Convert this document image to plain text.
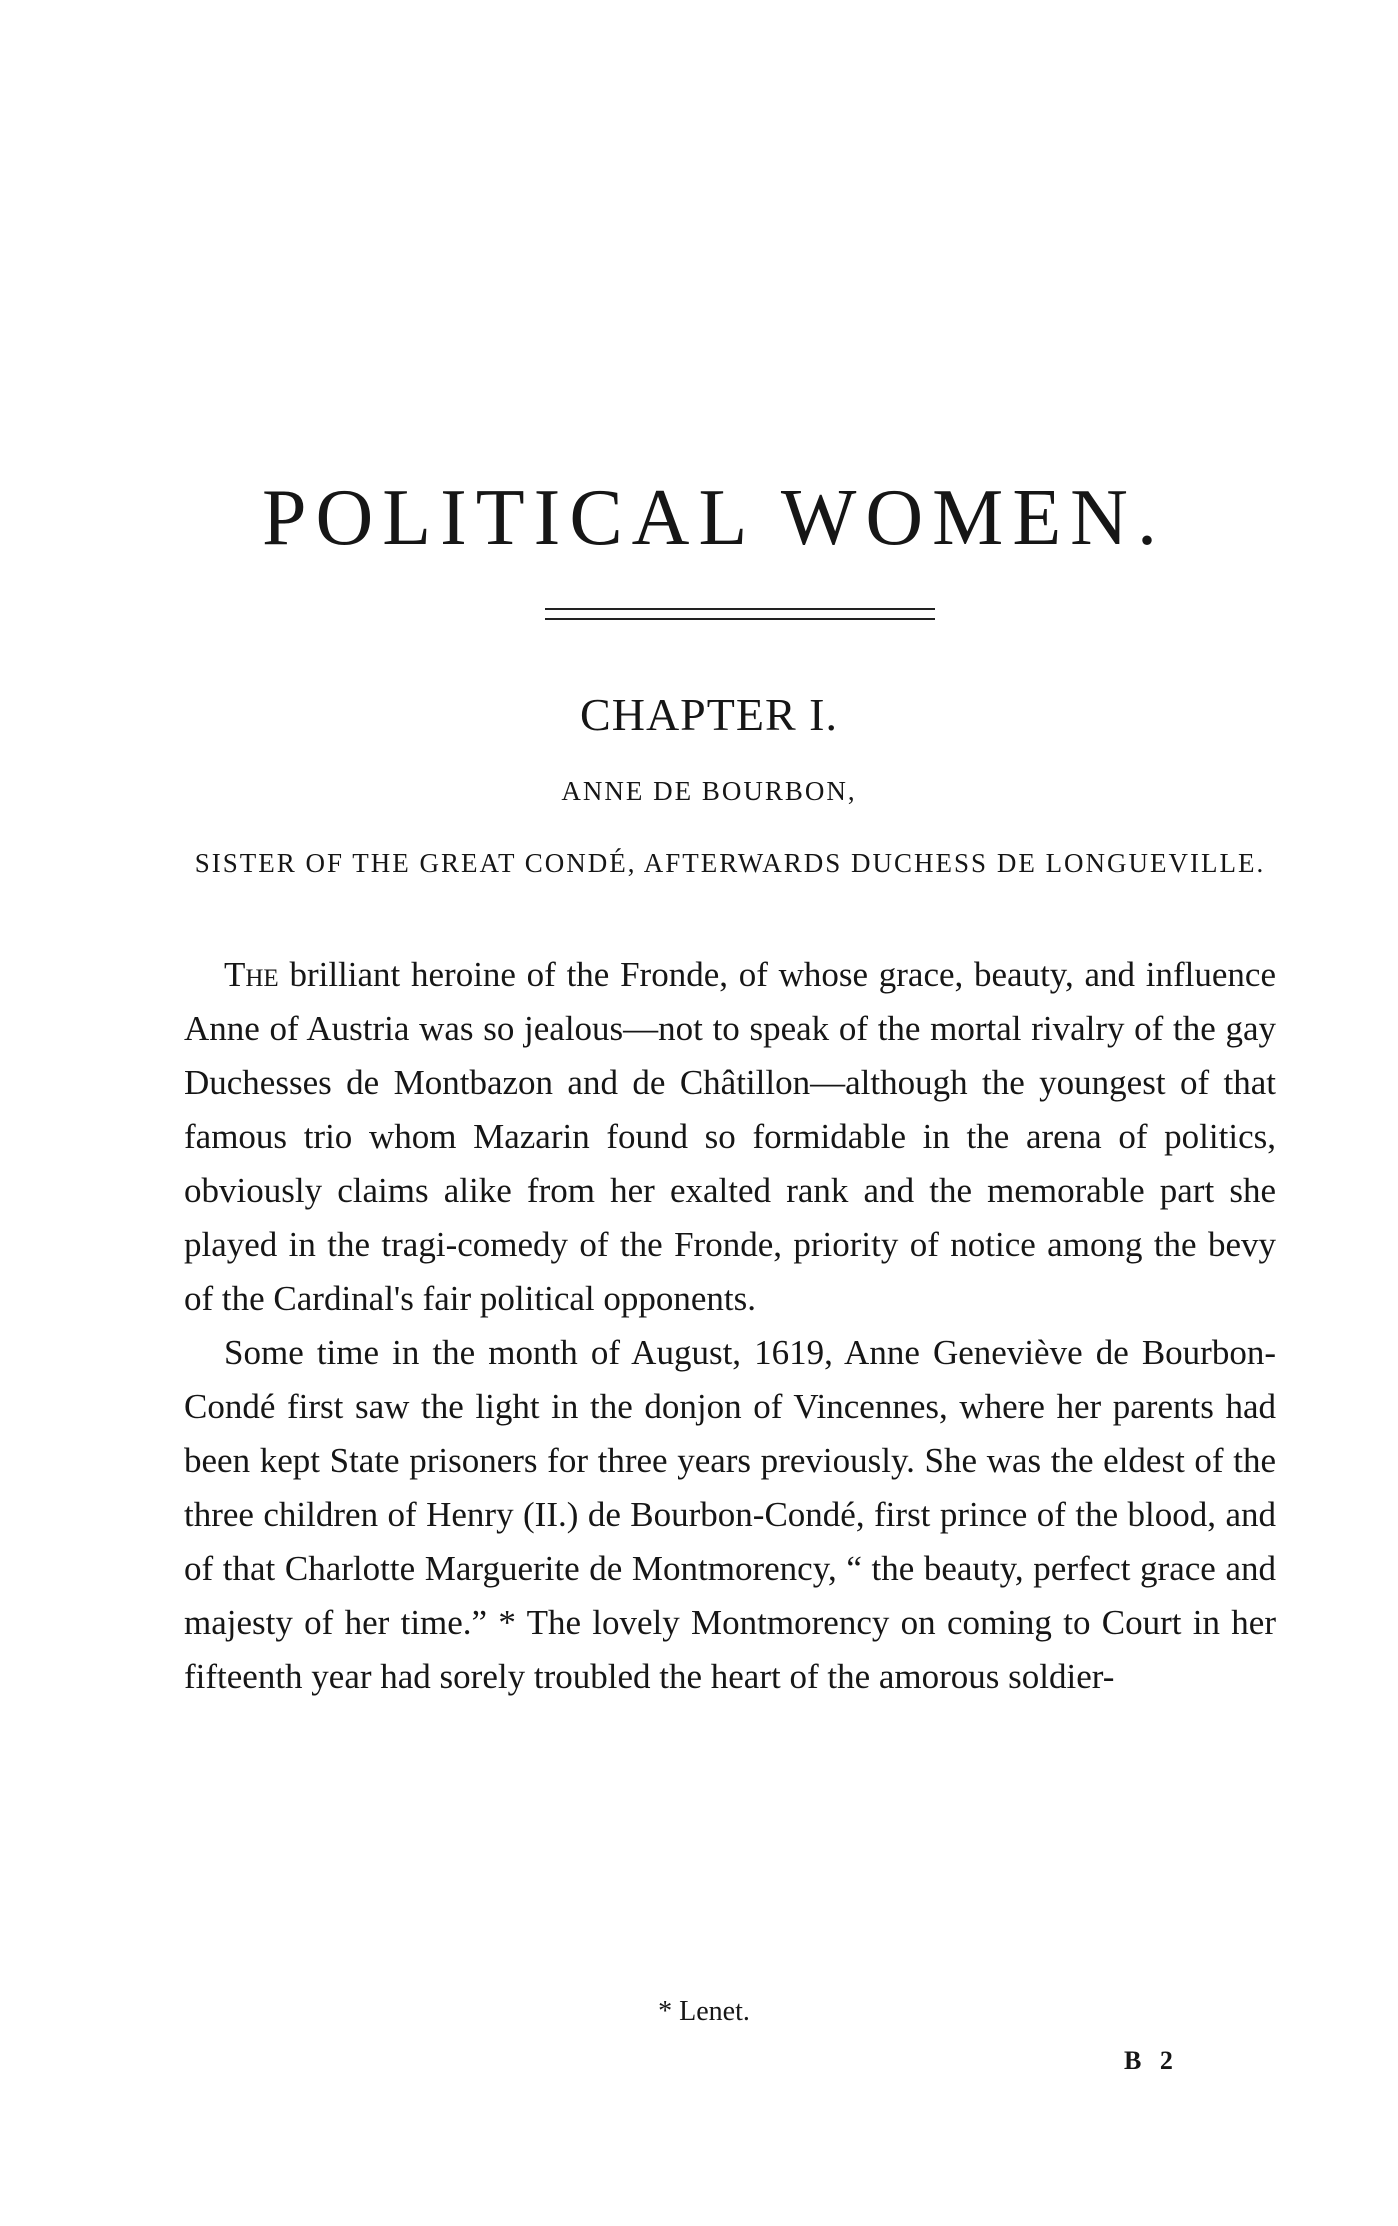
POLITICAL WOMEN.
CHAPTER I.
ANNE DE BOURBON,
SISTER OF THE GREAT CONDÉ, AFTERWARDS DUCHESS DE LONGUEVILLE.

The brilliant heroine of the Fronde, of whose grace, beauty, and influence Anne of Austria was so jealous—not to speak of the mortal rivalry of the gay Duchesses de Montbazon and de Châtillon—although the youngest of that famous trio whom Mazarin found so formidable in the arena of politics, obviously claims alike from her exalted rank and the memorable part she played in the tragi-comedy of the Fronde, priority of notice among the bevy of the Cardinal's fair political opponents.

Some time in the month of August, 1619, Anne Geneviève de Bourbon-Condé first saw the light in the donjon of Vincennes, where her parents had been kept State prisoners for three years previously. She was the eldest of the three children of Henry (II.) de Bourbon-Condé, first prince of the blood, and of that Charlotte Marguerite de Montmorency, “ the beauty, perfect grace and majesty of her time.” * The lovely Montmorency on coming to Court in her fifteenth year had sorely troubled the heart of the amorous soldier-

* Lenet.
B 2
